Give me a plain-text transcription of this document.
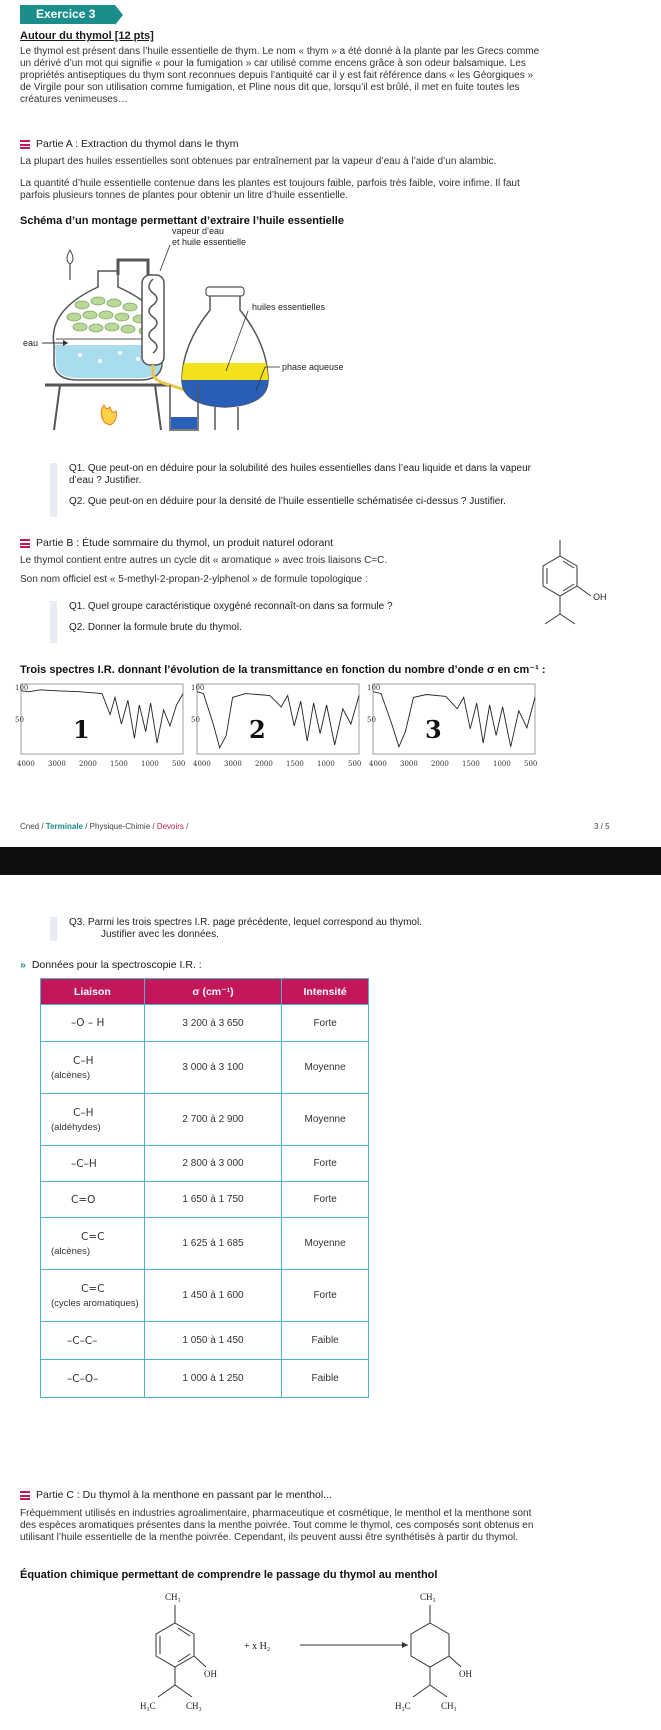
Exercice 3
Autour du thymol [12 pts]
Le thymol est présent dans l’huile essentielle de thym. Le nom « thym » a été donné à la plante par les Grecs comme
un dérivé d’un mot qui signifie « pour la fumigation » car utilisé comme encens grâce à son odeur balsamique. Les
propriétés antiseptiques du thym sont reconnues depuis l’antiquité car il y est fait référence dans « les Géorgiques »
de Virgile pour son utilisation comme fumigation, et Pline nous dit que, lorsqu’il est brûlé, il met en fuite toutes les
créatures venimeuses…
Partie A : Extraction du thymol dans le thym
La plupart des huiles essentielles sont obtenues par entraînement par la vapeur d’eau à l’aide d’un alambic.
La quantité d’huile essentielle contenue dans les plantes est toujours faible, parfois très faible, voire infime. Il faut
parfois plusieurs tonnes de plantes pour obtenir un litre d’huile essentielle.
Schéma d’un montage permettant d’extraire l’huile essentielle
vapeur d’eau
et huile essentielle
huiles essentielles
eau
phase aqueuse
Q1. Que peut-on en déduire pour la solubilité des huiles essentielles dans l’eau liquide et dans la vapeur
d’eau ? Justifier.
Q2. Que peut-on en déduire pour la densité de l’huile essentielle schématisée ci-dessus ? Justifier.
Partie B : Étude sommaire du thymol, un produit naturel odorant
Le thymol contient entre autres un cycle dit « aromatique » avec trois liaisons C=C.
Son nom officiel est « 5-methyl-2-propan-2-ylphenol » de formule topologique :
OH
Q1. Quel groupe caractéristique oxygéné reconnaît-on dans sa formule ?
Q2. Donner la formule brute du thymol.
Trois spectres I.R. donnant l’évolution de la transmittance en fonction du nombre d’onde σ en cm⁻¹ :
100
50 1
4000 3000 2000 1500 1000 500
100
50 2
4000 3000 2000 1500 1000 500
100
50 3
4000 3000 2000 1500 1000 500
Cned / Terminale / Physique-Chimie / Devoirs /	3 / 5
Q3. Parmi les trois spectres I.R. page précédente, lequel correspond au thymol.
Justifier avec les données.
» Données pour la spectroscopie I.R. :
Liaison	σ (cm⁻¹)	Intensité
–O – H	3 200 à 3 650	Forte
C–H
(alcènes)	3 000 à 3 100	Moyenne
C–H
(aldéhydes)	2 700 à 2 900	Moyenne
–C–H	2 800 à 3 000	Forte
C=O	1 650 à 1 750	Forte
C=C
(alcènes)	1 625 à 1 685	Moyenne
C=C
(cycles aromatiques)	1 450 à 1 600	Forte
–C–C–	1 050 à 1 450	Faible
–C–O–	1 000 à 1 250	Faible
Partie C : Du thymol à la menthone en passant par le menthol...
Fréquemment utilisés en industries agroalimentaire, pharmaceutique et cosmétique, le menthol et la menthone sont
des espèces aromatiques présentes dans la menthe poivrée. Tout comme le thymol, ces composés sont obtenus en
utilisant l’huile essentielle de la menthe poivrée. Cependant, ils peuvent aussi être synthétisés à partir du thymol.
Équation chimique permettant de comprendre le passage du thymol au menthol
CH₃
OH
H₃C	CH₃
+ x H₂
CH₃
OH
H₃C	CH₃
